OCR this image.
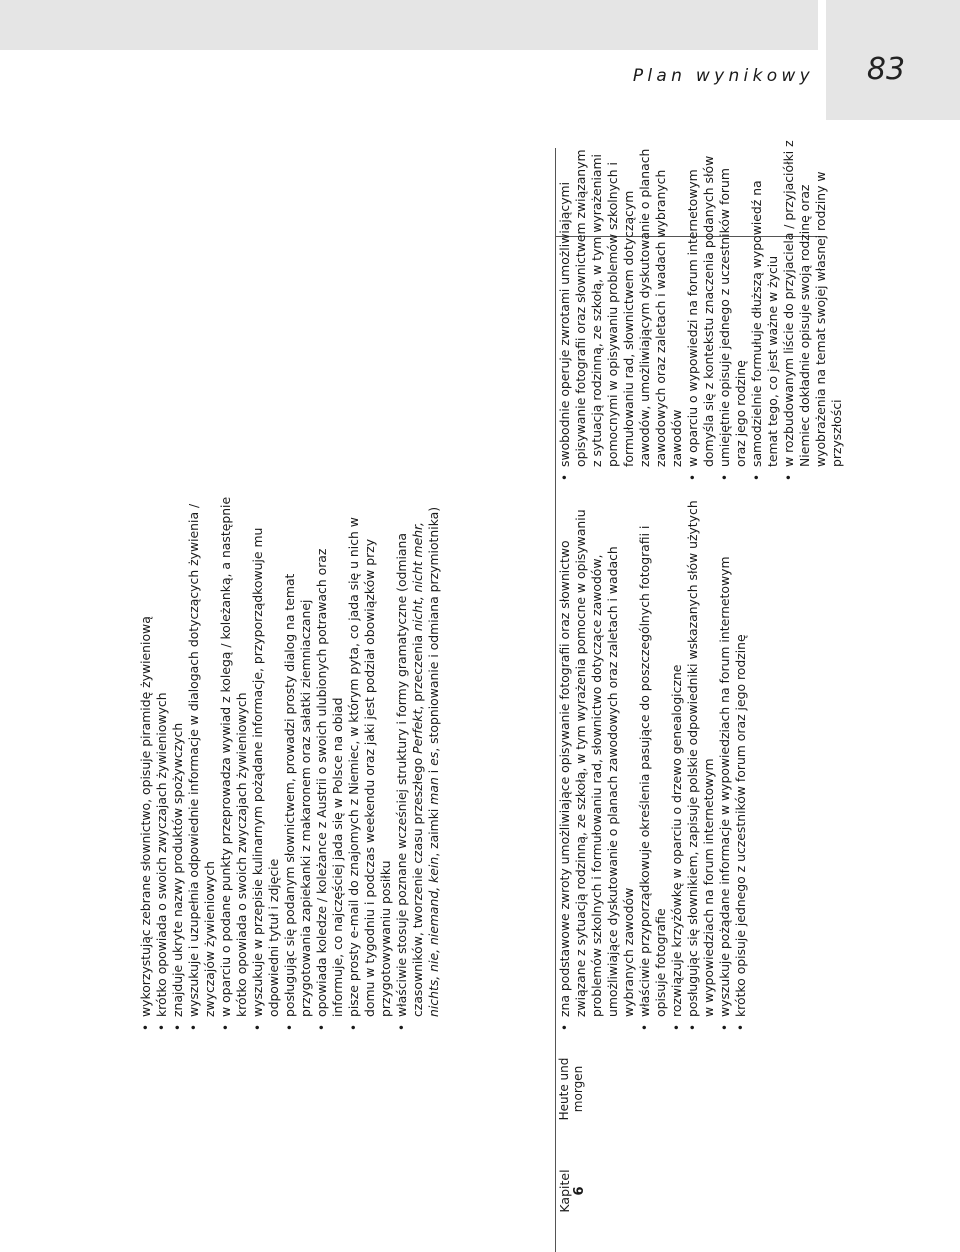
83
Plan wynikowy
Kapitel 6
Heute und morgen
• wykorzystując zebrane słownictwo, opisuje piramidę żywieniową • krótko opowiada o swoich zwyczajach żywieniowych • znajduje ukryte nazwy produktów spożywczych • wyszukuje i uzupełnia odpowiednie informacje w dialogach dotyczących żywienia / zwyczajów żywieniowych • w oparciu o podane punkty przeprowadza wywiad z kolegą / koleżanką, a następnie krótko opowiada o swoich zwyczajach żywieniowych • wyszukuje w przepisie kulinarnym pożądane informacje, przyporządkowuje mu odpowiedni tytuł i zdjęcie • posługując się podanym słownictwem, prowadzi prosty dialog na temat przygotowania zapiekanki z makaronem oraz sałatki ziemniaczanej • opowiada koledze / koleżance z Austrii o swoich ulubionych potrawach oraz informuje, co najczęściej jada się w Polsce na obiad • pisze prosty e-mail do znajomych z Niemiec, w którym pyta, co jada się u nich w domu w tygodniu i podczas weekendu oraz jaki jest podział obowiązków przy przygotowywaniu posiłku • właściwie stosuje poznane wcześniej struktury i formy gramatyczne (odmiana czasowników, tworzenie czasu przeszłego Perfekt, przeczenia nicht, nicht mehr, nichts, nie, niemand, kein, zaimki man i es, stopniowanie i odmiana przymiotnika)	• zna podstawowe zwroty umożliwiające opisywanie fotografii oraz słownictwo związane z sytuacją rodzinną, ze szkołą, w tym wyrażenia pomocne w opisywaniu problemów szkolnych i formułowaniu rad, słownictwo dotyczące zawodów, umożliwiające dyskutowanie o planach zawodowych oraz zaletach i wadach wybranych zawodów • właściwie przyporządkowuje określenia pasujące do poszczególnych fotografii i opisuje fotografie • rozwiązuje krzyżówkę w oparciu o drzewo genealogiczne • posługując się słownikiem, zapisuje polskie odpowiedniki wskazanych słów użytych w wypowiedziach na forum internetowym • wyszukuje pożądane informacje w wypowiedziach na forum internetowym • krótko opisuje jednego z uczestników forum oraz jego rodzinę
• swobodnie operuje zwrotami umożliwiającymi opisywanie fotografii oraz słownictwem związanym z sytuacją rodzinną, ze szkołą, w tym wyrażeniami pomocnymi w opisywaniu problemów szkolnych i formułowaniu rad, słownictwem dotyczącym zawodów, umożliwiającym dyskutowanie o planach zawodowych oraz zaletach i wadach wybranych zawodów • w oparciu o wypowiedzi na forum internetowym domyśla się z kontekstu znaczenia podanych słów • umiejętnie opisuje jednego z uczestników forum oraz jego rodzinę • samodzielnie formułuje dłuższą wypowiedź na temat tego, co jest ważne w życiu • w rozbudowanym liście do przyjaciela / przyjaciółki z Niemiec dokładnie opisuje swoją rodzinę oraz wyobrażenia na temat swojej własnej rodziny w przyszłości
